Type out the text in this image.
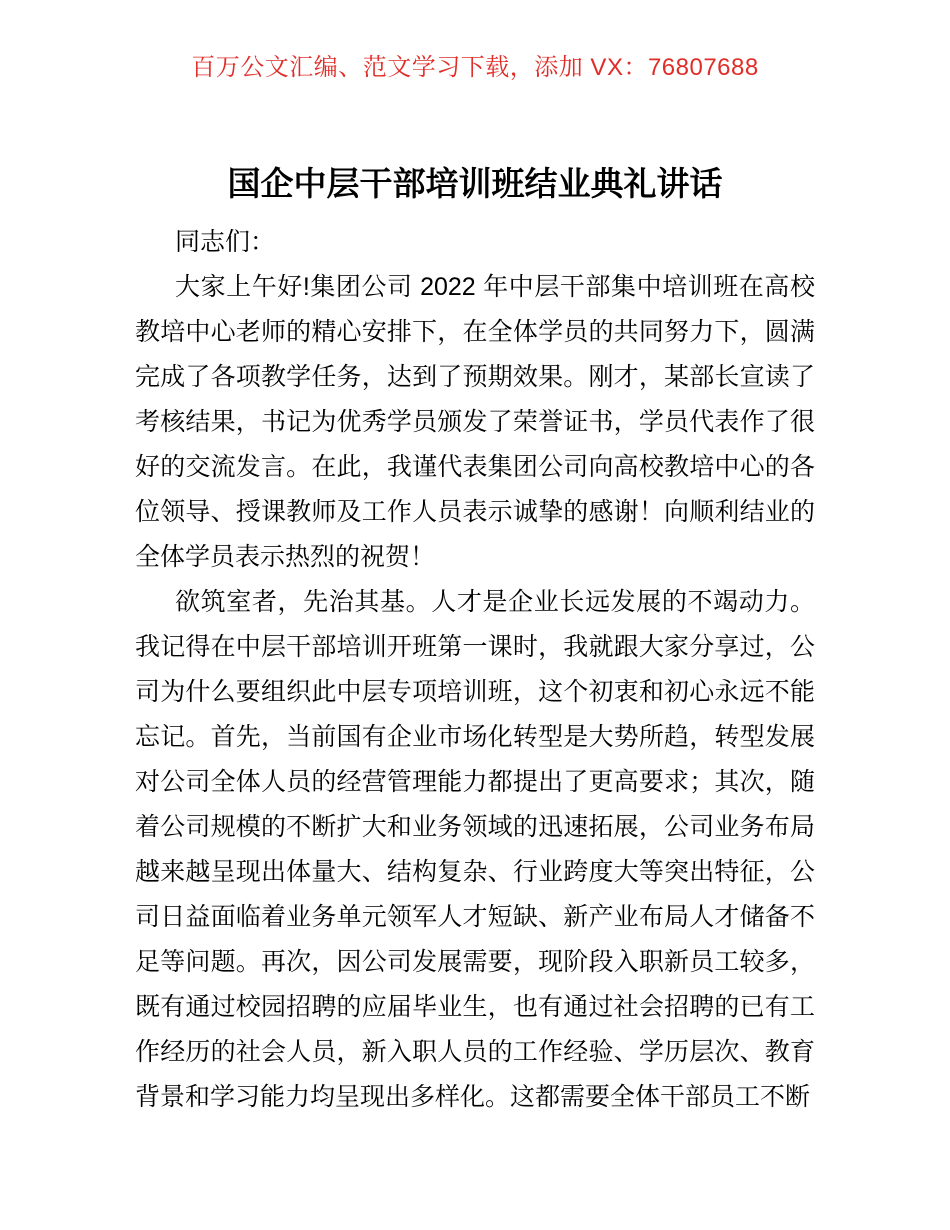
百万公文汇编、范文学习下载，添加 VX：76807688
国企中层干部培训班结业典礼讲话

同志们：

大家上午好!集团公司 2022 年中层干部集中培训班在高校教培中心老师的精心安排下，在全体学员的共同努力下，圆满完成了各项教学任务，达到了预期效果。刚才，某部长宣读了考核结果，书记为优秀学员颁发了荣誉证书，学员代表作了很好的交流发言。在此，我谨代表集团公司向高校教培中心的各位领导、授课教师及工作人员表示诚挚的感谢！向顺利结业的全体学员表示热烈的祝贺！

欲筑室者，先治其基。人才是企业长远发展的不竭动力。我记得在中层干部培训开班第一课时，我就跟大家分享过，公司为什么要组织此中层专项培训班，这个初衷和初心永远不能忘记。首先，当前国有企业市场化转型是大势所趋，转型发展对公司全体人员的经营管理能力都提出了更高要求；其次，随着公司规模的不断扩大和业务领域的迅速拓展，公司业务布局越来越呈现出体量大、结构复杂、行业跨度大等突出特征，公司日益面临着业务单元领军人才短缺、新产业布局人才储备不足等问题。再次，因公司发展需要，现阶段入职新员工较多，既有通过校园招聘的应届毕业生，也有通过社会招聘的已有工作经历的社会人员，新入职人员的工作经验、学历层次、教育背景和学习能力均呈现出多样化。这都需要全体干部员工不断
